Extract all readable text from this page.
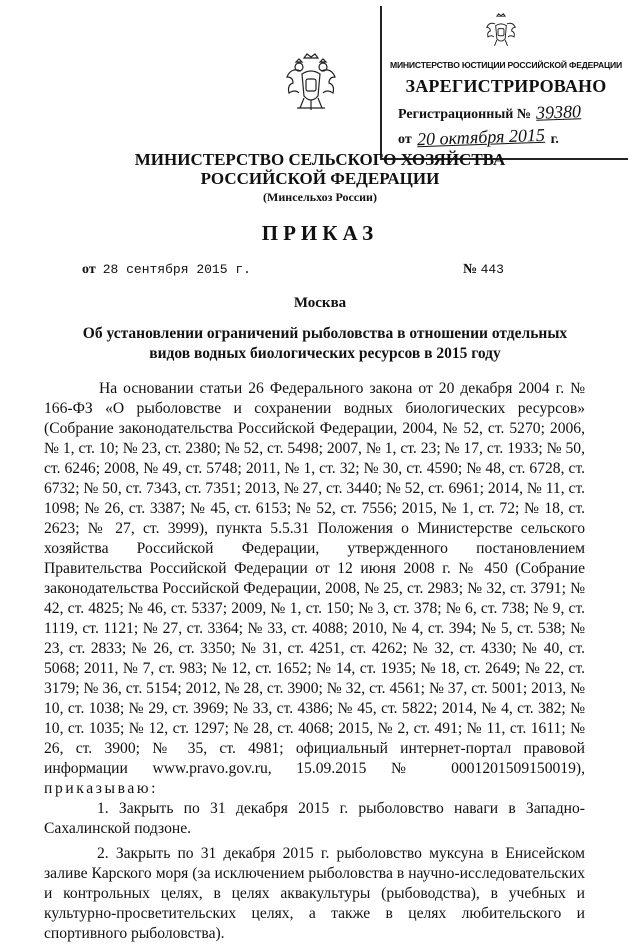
МИНИСТЕРСТВО ЮСТИЦИИ РОССИЙСКОЙ ФЕДЕРАЦИИ
ЗАРЕГИСТРИРОВАНО
Регистрационный № 39380
от 20 октября 2015 г.
МИНИСТЕРСТВО СЕЛЬСКОГО ХОЗЯЙСТВА
РОССИЙСКОЙ ФЕДЕРАЦИИ
(Минсельхоз России)
ПРИКАЗ
от 28 сентября 2015 г.	№ 443
Москва
Об установлении ограничений рыболовства в отношении отдельных
видов водных биологических ресурсов в 2015 году

На основании статьи 26 Федерального закона от 20 декабря 2004 г. № 166-ФЗ «О рыболовстве и сохранении водных биологических ресурсов» (Собрание законодательства Российской Федерации, 2004, № 52, ст. 5270; 2006, № 1, ст. 10; № 23, ст. 2380; № 52, ст. 5498; 2007, № 1, ст. 23; № 17, ст. 1933; № 50, ст. 6246; 2008, № 49, ст. 5748; 2011, № 1, ст. 32; № 30, ст. 4590; № 48, ст. 6728, ст. 6732; № 50, ст. 7343, ст. 7351; 2013, № 27, ст. 3440; № 52, ст. 6961; 2014, № 11, ст. 1098; № 26, ст. 3387; № 45, ст. 6153; № 52, ст. 7556; 2015, № 1, ст. 72; № 18, ст. 2623; № 27, ст. 3999), пункта 5.5.31 Положения о Министерстве сельского хозяйства Российской Федерации, утвержденного постановлением Правительства Российской Федерации от 12 июня 2008 г. № 450 (Собрание законодательства Российской Федерации, 2008, № 25, ст. 2983; № 32, ст. 3791; № 42, ст. 4825; № 46, ст. 5337; 2009, № 1, ст. 150; № 3, ст. 378; № 6, ст. 738; № 9, ст. 1119, ст. 1121; № 27, ст. 3364; № 33, ст. 4088; 2010, № 4, ст. 394; № 5, ст. 538; № 23, ст. 2833; № 26, ст. 3350; № 31, ст. 4251, ст. 4262; № 32, ст. 4330; № 40, ст. 5068; 2011, № 7, ст. 983; № 12, ст. 1652; № 14, ст. 1935; № 18, ст. 2649; № 22, ст. 3179; № 36, ст. 5154; 2012, № 28, ст. 3900; № 32, ст. 4561; № 37, ст. 5001; 2013, № 10, ст. 1038; № 29, ст. 3969; № 33, ст. 4386; № 45, ст. 5822; 2014, № 4, ст. 382; № 10, ст. 1035; № 12, ст. 1297; № 28, ст. 4068; 2015, № 2, ст. 491; № 11, ст. 1611; № 26, ст. 3900; № 35, ст. 4981; официальный интернет-портал правовой информации www.pravo.gov.ru, 15.09.2015 № 0001201509150019), приказываю:

1. Закрыть по 31 декабря 2015 г. рыболовство наваги в Западно-Сахалинской подзоне.

2. Закрыть по 31 декабря 2015 г. рыболовство муксуна в Енисейском заливе Карского моря (за исключением рыболовства в научно-исследовательских и контрольных целях, в целях аквакультуры (рыбоводства), в учебных и культурно-просветительских целях, а также в целях любительского и спортивного рыболовства).
